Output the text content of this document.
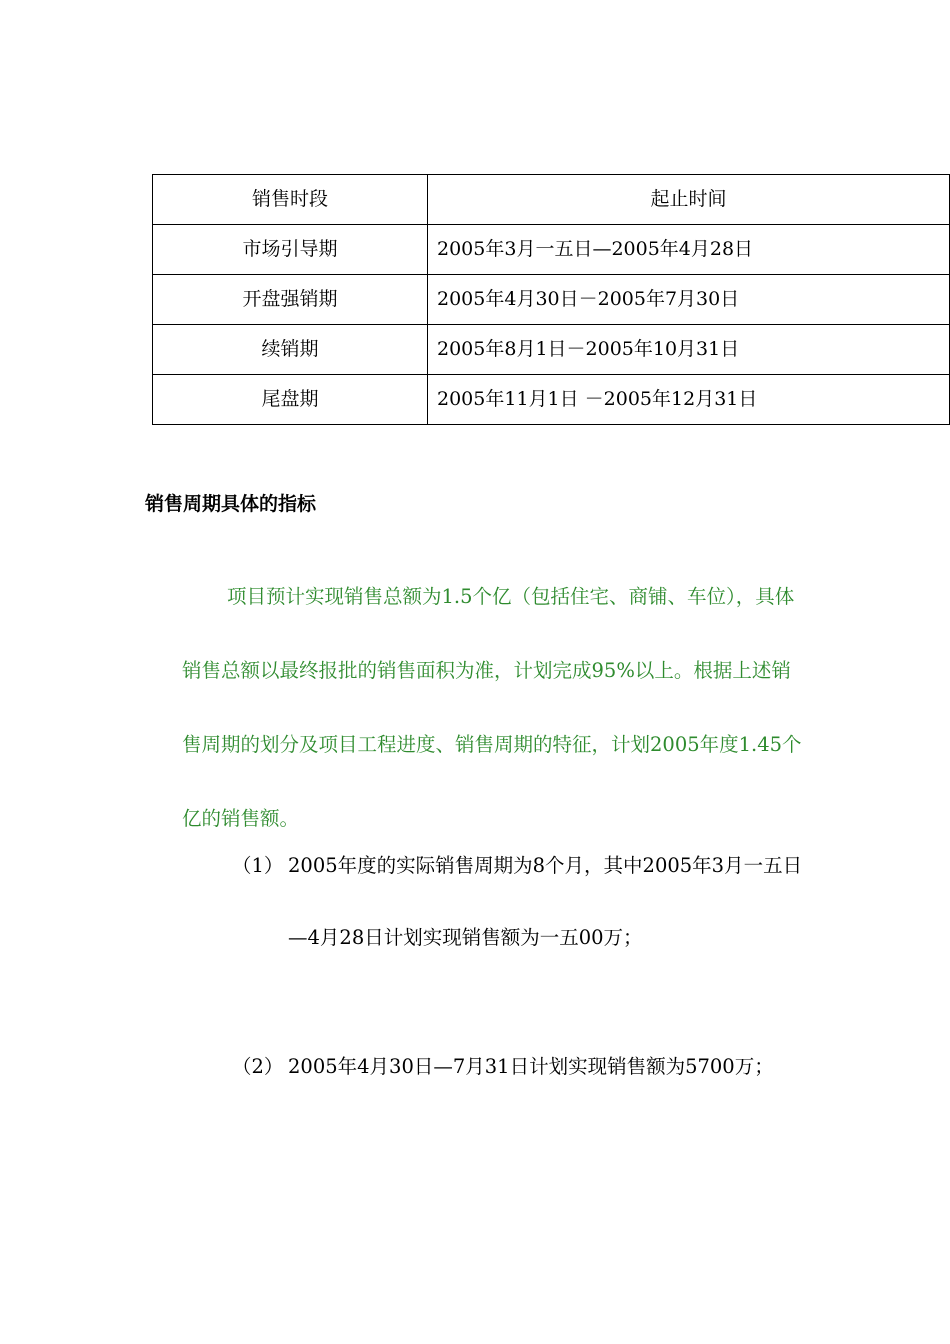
销售时段	起止时间
市场引导期	2005年3月一五日—2005年4月28日
开盘强销期	2005年4月30日－2005年7月30日
续销期	2005年8月1日－2005年10月31日
尾盘期	2005年11月1日 －2005年12月31日
销售周期具体的指标

项目预计实现销售总额为1.5个亿（包括住宅、商铺、车位），具体销售总额以最终报批的销售面积为准，计划完成95%以上。根据上述销售周期的划分及项目工程进度、销售周期的特征，计划2005年度1.45个亿的销售额。

（1） 2005年度的实际销售周期为8个月，其中2005年3月一五日—4月28日计划实现销售额为一五00万；
（2） 2005年4月30日—7月31日计划实现销售额为5700万；
